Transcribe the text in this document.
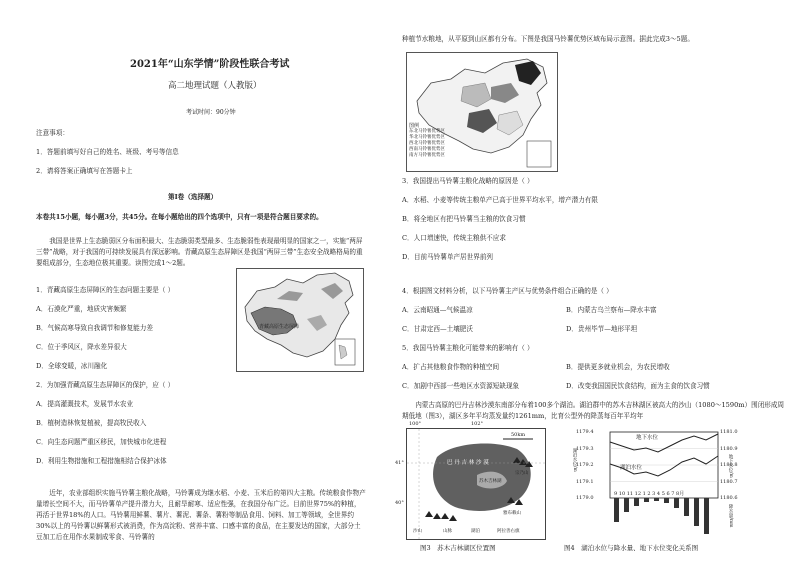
2021年“山东学情”阶段性联合考试
高二地理试题（人教版）
考试时间：90分钟
注意事项：
1．答题前填写好自己的姓名、班级、考号等信息
2．请将答案正确填写在答题卡上
第Ⅰ卷（选择题）
本卷共15小题，每小题3分，共45分。在每小题给出的四个选项中，只有一项是符合题目要求的。
我国是世界上生态脆弱区分布面积最大、生态脆弱类型最多、生态脆弱性表现最明显的国家之一，实施“两屏三带”战略，对于我国的可持续发展具有深远影响。青藏高原生态屏障区是我国“两屏三带”生态安全战略格局的重要组成部分，生态地位极其重要。读图完成1～2题。
青藏高原生态屏障
1．青藏高原生态屏障区的生态问题主要是（ ）
A．石漠化严重，地质灾害频繁
B．气候高寒导致自我调节和修复能力差
C．位于季风区，降水差异很大
D．全球变暖，冰川融化
2．为加强青藏高原生态屏障区的保护，应（ ）
A．提高灌溉技术，发展节水农业
B．植树造林恢复植被，提高牧民收入
C．向生态问题严重区移民，加快城市化进程
D．利用生物措施和工程措施相结合保护冰体
近年，农业部组织实施马铃薯主粮化战略，马铃薯成为继水稻、小麦、玉米后的第四大主粮。传统粮食作物产量增长空间不大，而马铃薯单产提升潜力大，且耐旱耐寒、适应性强，在我国分布广泛。目前世界75%的种植，再活于世界18%的人口。马铃薯用鲜薯、薯片、薯泥、薯条、薯粉等制品食用、饲料、加工等领域，全世界约30%以上的马铃薯以鲜薯形式被消费，作为高淀粉、营养丰富、口感丰富的食品，在主要发达的国家，大部分土豆加工后在用作水果制成零食、马铃薯的
种植节水粮地，从平原到山区都有分布。下图是我国马铃薯优势区域布局示意图。据此完成3～5题。
图例
东北马铃薯优势区
华北马铃薯优势区
西北马铃薯优势区
西南马铃薯优势区
南方马铃薯优势区
3．我国提出马铃薯主粮化战略的原因是（ ）
A．水稻、小麦等传统主粮单产已高于世界平均水平，增产潜力有限
B．将全地区有把马铃薯当主粮的饮食习惯
C．人口增速快，传统主粮供不应求
D．目前马铃薯单产居世界前列
4．根据图文材料分析，以下马铃薯主产区与优势条件组合正确的是（ ）
A．云南昭通—气候温凉	B．内蒙古乌兰察布—降水丰富
C．甘肃定西—土壤肥沃	D．贵州毕节—地形平坦
5．我国马铃薯主粮化可能带来的影响有（ ）
A．扩占其他粮食作物的种植空间	B．提供更多就业机会，为农民增收
C．加剧中西部一些地区水资源短缺现象	D．改变我国国民饮食结构，面为主食的饮食习惯
内蒙古高原的巴丹吉林沙漠东南部分布着100多个湖泊。湖泊群中的苏木吉林湖区被高大的沙山（1080～1590m）围闭形成周期低地（图3），湖区多年平均蒸发量约1261mm，比育公型外的降蒸每百年平均年
100°	102°
41°
40°
50km
巴 丹 吉 林 沙 漠
苏木吉林湖
宗乃山
雅布赖山
沙山	山脉	湖泊	阿拉善右旗
图3　苏木吉林湖区位置图
地下水位
湖泊水位
1179.4
1179.3
1179.2
1179.1
1179.0
1181.0
1180.9
1180.8
1180.7
1180.6
9 10 11 12 1 2 3 4 5 6 7 8月
地下水位/m
湖泊水位/m
降水量/mm
图4　湖泊水位与降水量、地下水位变化关系图
